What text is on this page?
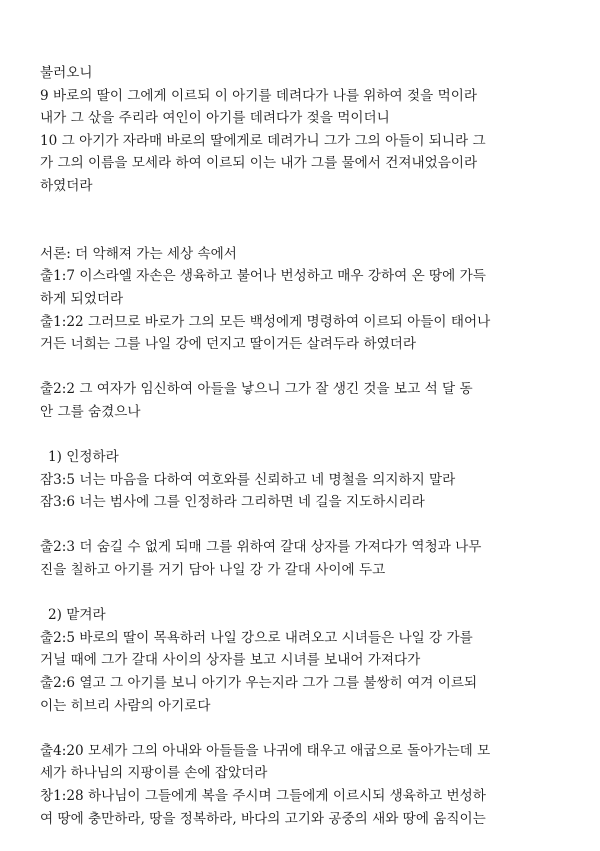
불러오니
9 바로의 딸이 그에게 이르되 이 아기를 데려다가 나를 위하여 젖을 먹이라
내가 그 삯을 주리라 여인이 아기를 데려다가 젖을 먹이더니
10 그 아기가 자라매 바로의 딸에게로 데려가니 그가 그의 아들이 되니라 그
가 그의 이름을 모세라 하여 이르되 이는 내가 그를 물에서 건져내었음이라
하였더라
서론: 더 악해져 가는 세상 속에서
출1:7 이스라엘 자손은 생육하고 불어나 번성하고 매우 강하여 온 땅에 가득
하게 되었더라
출1:22 그러므로 바로가 그의 모든 백성에게 명령하여 이르되 아들이 태어나
거든 너희는 그를 나일 강에 던지고 딸이거든 살려두라 하였더라
출2:2 그 여자가 임신하여 아들을 낳으니 그가 잘 생긴 것을 보고 석 달 동
안 그를 숨겼으나
1) 인정하라
잠3:5 너는 마음을 다하여 여호와를 신뢰하고 네 명철을 의지하지 말라
잠3:6 너는 범사에 그를 인정하라 그리하면 네 길을 지도하시리라
출2:3 더 숨길 수 없게 되매 그를 위하여 갈대 상자를 가져다가 역청과 나무
진을 칠하고 아기를 거기 담아 나일 강 가 갈대 사이에 두고
2) 맡겨라
출2:5 바로의 딸이 목욕하러 나일 강으로 내려오고 시녀들은 나일 강 가를
거닐 때에 그가 갈대 사이의 상자를 보고 시녀를 보내어 가져다가
출2:6 열고 그 아기를 보니 아기가 우는지라 그가 그를 불쌍히 여겨 이르되
이는 히브리 사람의 아기로다
출4:20 모세가 그의 아내와 아들들을 나귀에 태우고 애굽으로 돌아가는데 모
세가 하나님의 지팡이를 손에 잡았더라
창1:28 하나님이 그들에게 복을 주시며 그들에게 이르시되 생육하고 번성하
여 땅에 충만하라, 땅을 정복하라, 바다의 고기와 공중의 새와 땅에 움직이는
